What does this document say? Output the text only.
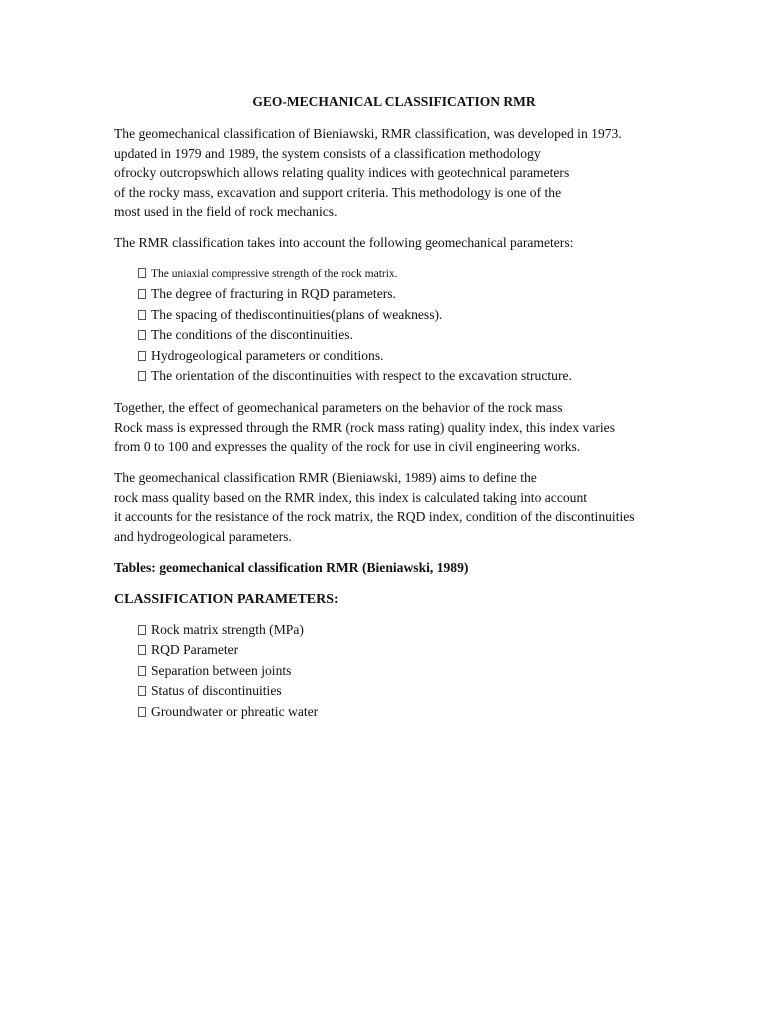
GEO-MECHANICAL CLASSIFICATION RMR
The geomechanical classification of Bieniawski, RMR classification, was developed in 1973.
updated in 1979 and 1989, the system consists of a classification methodology
ofrocky outcropswhich allows relating quality indices with geotechnical parameters
of the rocky mass, excavation and support criteria. This methodology is one of the
most used in the field of rock mechanics.
The RMR classification takes into account the following geomechanical parameters:
The uniaxial compressive strength of the rock matrix.
The degree of fracturing in RQD parameters.
The spacing of thediscontinuities(plans of weakness).
The conditions of the discontinuities.
Hydrogeological parameters or conditions.
The orientation of the discontinuities with respect to the excavation structure.
Together, the effect of geomechanical parameters on the behavior of the rock mass
Rock mass is expressed through the RMR (rock mass rating) quality index, this index varies
from 0 to 100 and expresses the quality of the rock for use in civil engineering works.
The geomechanical classification RMR (Bieniawski, 1989) aims to define the
rock mass quality based on the RMR index, this index is calculated taking into account
it accounts for the resistance of the rock matrix, the RQD index, condition of the discontinuities
and hydrogeological parameters.
Tables: geomechanical classification RMR (Bieniawski, 1989)
CLASSIFICATION PARAMETERS:
Rock matrix strength (MPa)
RQD Parameter
Separation between joints
Status of discontinuities
Groundwater or phreatic water
